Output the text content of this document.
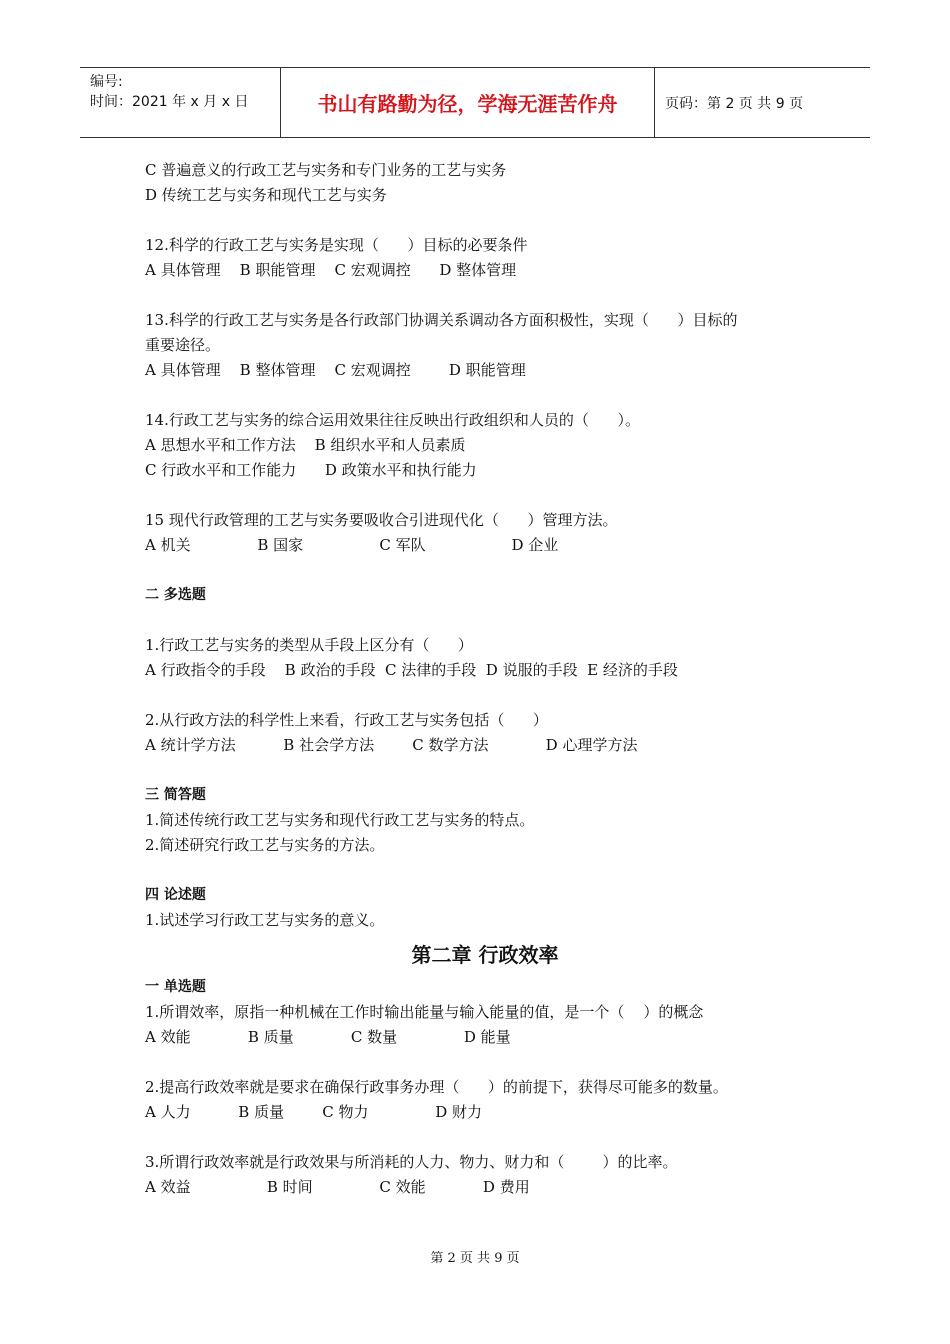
编号:
时间：2021 年 x 月 x 日	书山有路勤为径，学海无涯苦作舟	页码：第 2 页 共 9 页
C 普遍意义的行政工艺与实务和专门业务的工艺与实务
D 传统工艺与实务和现代工艺与实务
12.科学的行政工艺与实务是实现（      ）目标的必要条件
A 具体管理    B 职能管理    C 宏观调控      D 整体管理
13.科学的行政工艺与实务是各行政部门协调关系调动各方面积极性，实现（      ）目标的
重要途径。
A 具体管理    B 整体管理    C 宏观调控        D 职能管理
14.行政工艺与实务的综合运用效果往往反映出行政组织和人员的（      ）。
A 思想水平和工作方法    B 组织水平和人员素质
C 行政水平和工作能力      D 政策水平和执行能力
15 现代行政管理的工艺与实务要吸收合引进现代化（      ）管理方法。
A 机关              B 国家                C 军队                  D 企业
二 多选题
1.行政工艺与实务的类型从手段上区分有（      ）
A 行政指令的手段    B 政治的手段  C 法律的手段  D 说服的手段  E 经济的手段
2.从行政方法的科学性上来看，行政工艺与实务包括（      ）
A 统计学方法          B 社会学方法        C 数学方法            D 心理学方法
三 简答题
1.简述传统行政工艺与实务和现代行政工艺与实务的特点。
2.简述研究行政工艺与实务的方法。
四 论述题
1.试述学习行政工艺与实务的意义。
第二章 行政效率
一 单选题
1.所谓效率，原指一种机械在工作时输出能量与输入能量的值，是一个（    ）的概念
A 效能            B 质量            C 数量              D 能量
2.提高行政效率就是要求在确保行政事务办理（      ）的前提下，获得尽可能多的数量。
A 人力          B 质量        C 物力              D 财力
3.所谓行政效率就是行政效果与所消耗的人力、物力、财力和（        ）的比率。
A 效益                B 时间              C 效能            D 费用
第 2 页 共 9 页
